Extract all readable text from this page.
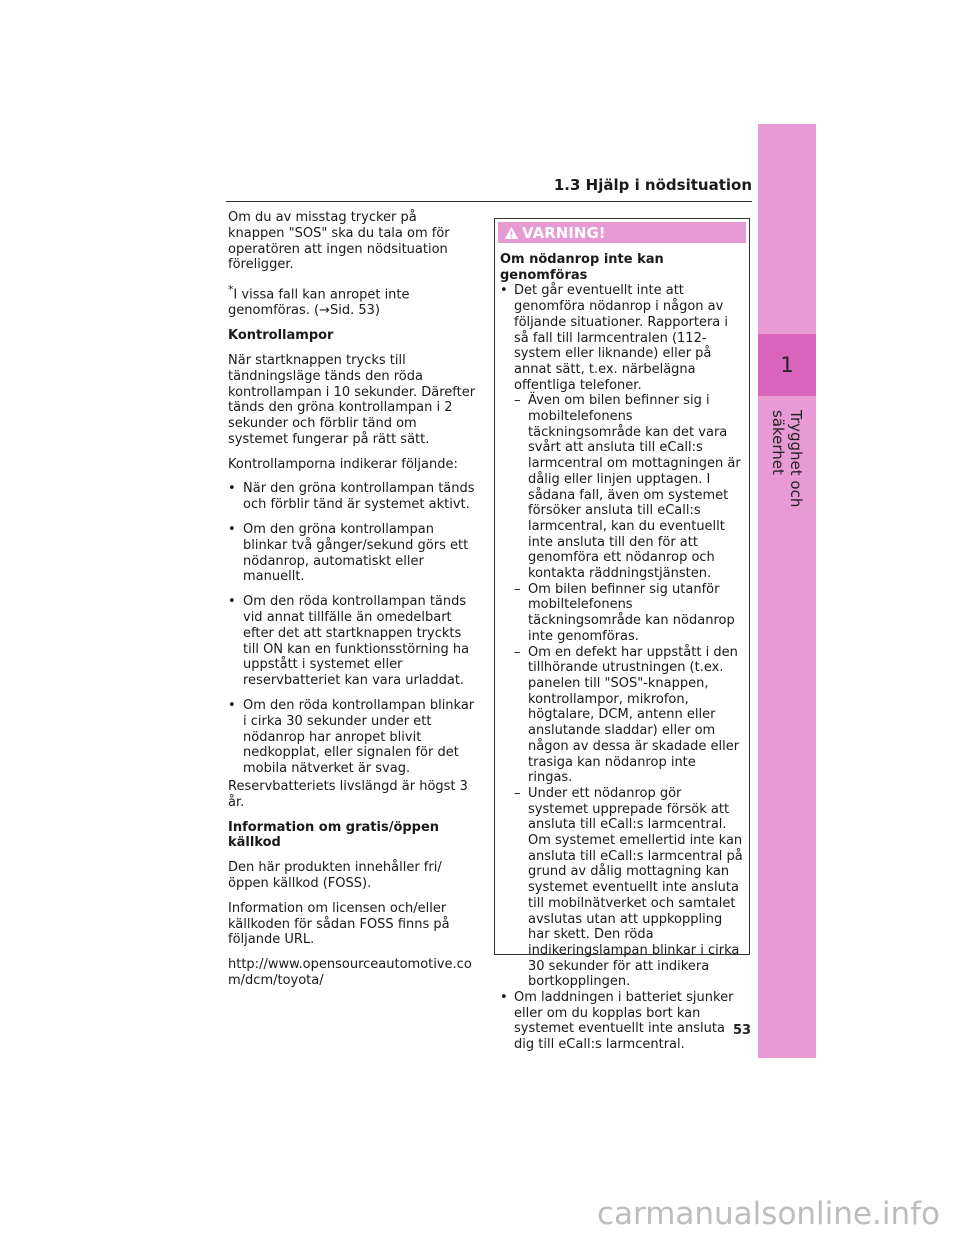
1
Trygghet och säkerhet
1.3 Hjälp i nödsituation

Om du av misstag trycker på knappen "SOS" ska du tala om för operatören att ingen nödsituation föreligger.

*I vissa fall kan anropet inte genomföras. (→Sid. 53)

Kontrollampor

När startknappen trycks till tändningsläge tänds den röda kontrollampan i 10 sekunder. Därefter tänds den gröna kontrollampan i 2 sekunder och förblir tänd om systemet fungerar på rätt sätt.

Kontrollamporna indikerar följande:

• När den gröna kontrollampan tänds och förblir tänd är systemet aktivt.
• Om den gröna kontrollampan blinkar två gånger/sekund görs ett nödanrop, automatiskt eller manuellt.
• Om den röda kontrollampan tänds vid annat tillfälle än omedelbart efter det att startknappen tryckts till ON kan en funktionsstörning ha uppstått i systemet eller reservbatteriet kan vara urladdat.
• Om den röda kontrollampan blinkar i cirka 30 sekunder under ett nödanrop har anropet blivit nedkopplat, eller signalen för det mobila nätverket är svag.

Reservbatteriets livslängd är högst 3 år.

Information om gratis/öppen källkod

Den här produkten innehåller fri/öppen källkod (FOSS).

Information om licensen och/eller källkoden för sådan FOSS finns på följande URL.

http://www.opensourceautomotive.com/dcm/toyota/

VARNING!

Om nödanrop inte kan genomföras

• Det går eventuellt inte att genomföra nödanrop i någon av följande situationer. Rapportera i så fall till larmcentralen (112-system eller liknande) eller på annat sätt, t.ex. närbelägna offentliga telefoner.
– Även om bilen befinner sig i mobiltelefonens täckningsområde kan det vara svårt att ansluta till eCall:s larmcentral om mottagningen är dålig eller linjen upptagen. I sådana fall, även om systemet försöker ansluta till eCall:s larmcentral, kan du eventuellt inte ansluta till den för att genomföra ett nödanrop och kontakta räddningstjänsten.
– Om bilen befinner sig utanför mobiltelefonens täckningsområde kan nödanrop inte genomföras.
– Om en defekt har uppstått i den tillhörande utrustningen (t.ex. panelen till "SOS"-knappen, kontrollampor, mikrofon, högtalare, DCM, antenn eller anslutande sladdar) eller om någon av dessa är skadade eller trasiga kan nödanrop inte ringas.
– Under ett nödanrop gör systemet upprepade försök att ansluta till eCall:s larmcentral. Om systemet emellertid inte kan ansluta till eCall:s larmcentral på grund av dålig mottagning kan systemet eventuellt inte ansluta till mobilnätverket och samtalet avslutas utan att uppkoppling har skett. Den röda indikeringslampan blinkar i cirka 30 sekunder för att indikera bortkopplingen.
• Om laddningen i batteriet sjunker eller om du kopplas bort kan systemet eventuellt inte ansluta dig till eCall:s larmcentral.
53
carmanualsonline.info
